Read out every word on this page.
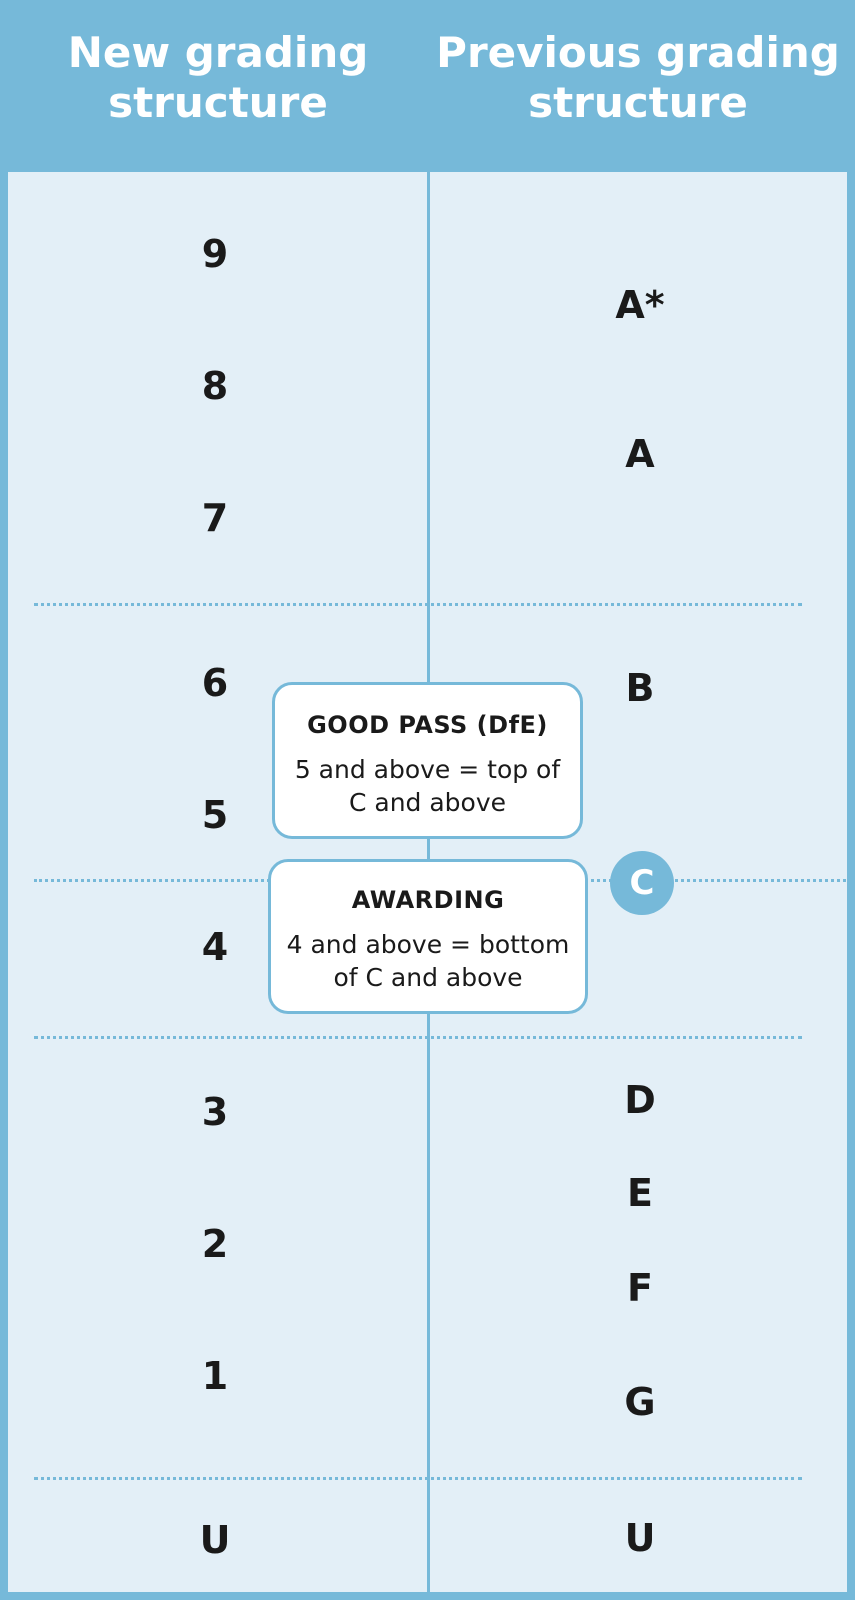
New grading structure
Previous grading structure
9
8
7
6
5
4
3
2
1
U
A*
A
B
C
D
E
F
G
U
GOOD PASS (DfE)
5 and above = top of C and above
AWARDING
4 and above = bottom of C and above
